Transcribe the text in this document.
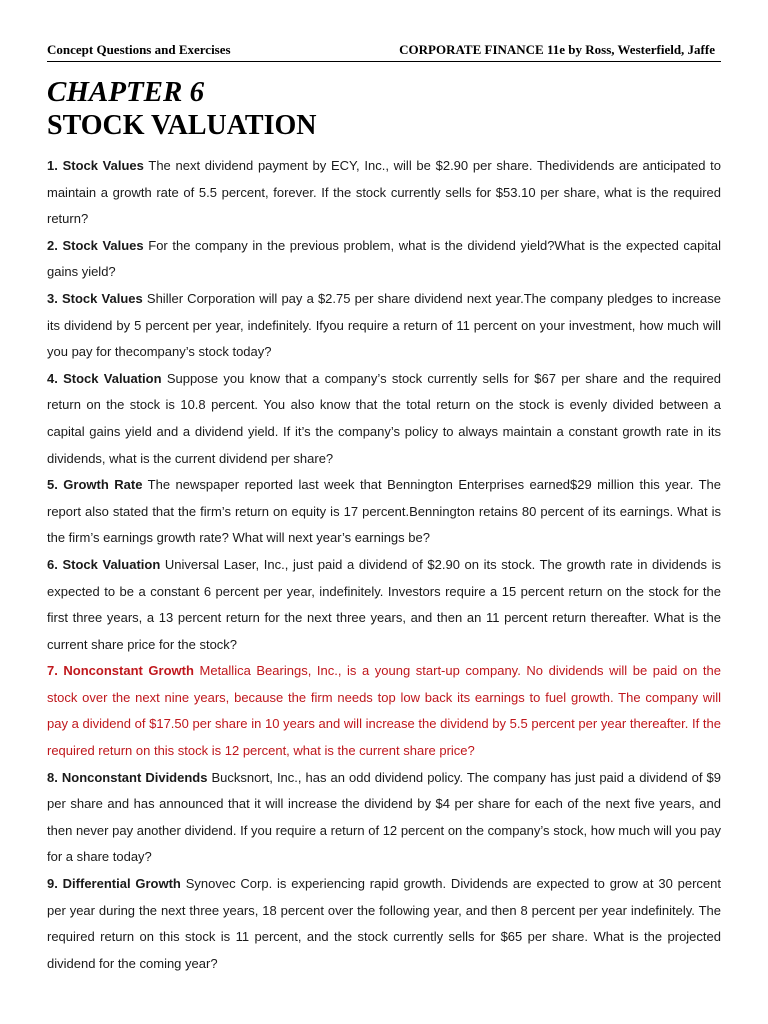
Concept Questions and Exercises	CORPORATE FINANCE 11e by Ross, Westerfield, Jaffe
CHAPTER 6
STOCK VALUATION

1. Stock Values The next dividend payment by ECY, Inc., will be $2.90 per share. Thedividends are anticipated to maintain a growth rate of 5.5 percent, forever. If the stock currently sells for $53.10 per share, what is the required return?

2. Stock Values For the company in the previous problem, what is the dividend yield?What is the expected capital gains yield?

3. Stock Values Shiller Corporation will pay a $2.75 per share dividend next year.The company pledges to increase its dividend by 5 percent per year, indefinitely. Ifyou require a return of 11 percent on your investment, how much will you pay for thecompany’s stock today?

4. Stock Valuation Suppose you know that a company’s stock currently sells for $67 per share and the required return on the stock is 10.8 percent. You also know that the total return on the stock is evenly divided between a capital gains yield and a dividend yield. If it’s the company’s policy to always maintain a constant growth rate in its dividends, what is the current dividend per share?

5. Growth Rate The newspaper reported last week that Bennington Enterprises earned$29 million this year. The report also stated that the firm’s return on equity is 17 percent.Bennington retains 80 percent of its earnings. What is the firm’s earnings growth rate? What will next year’s earnings be?

6. Stock Valuation Universal Laser, Inc., just paid a dividend of $2.90 on its stock. The growth rate in dividends is expected to be a constant 6 percent per year, indefinitely. Investors require a 15 percent return on the stock for the first three years, a 13 percent return for the next three years, and then an 11 percent return thereafter. What is the current share price for the stock?

7. Nonconstant Growth Metallica Bearings, Inc., is a young start-up company. No dividends will be paid on the stock over the next nine years, because the firm needs top low back its earnings to fuel growth. The company will pay a dividend of $17.50 per share in 10 years and will increase the dividend by 5.5 percent per year thereafter. If the required return on this stock is 12 percent, what is the current share price?

8. Nonconstant Dividends Bucksnort, Inc., has an odd dividend policy. The company has just paid a dividend of $9 per share and has announced that it will increase the dividend by $4 per share for each of the next five years, and then never pay another dividend. If you require a return of 12 percent on the company’s stock, how much will you pay for a share today?

9. Differential Growth Synovec Corp. is experiencing rapid growth. Dividends are expected to grow at 30 percent per year during the next three years, 18 percent over the following year, and then 8 percent per year indefinitely. The required return on this stock is 11 percent, and the stock currently sells for $65 per share. What is the projected dividend for the coming year?
